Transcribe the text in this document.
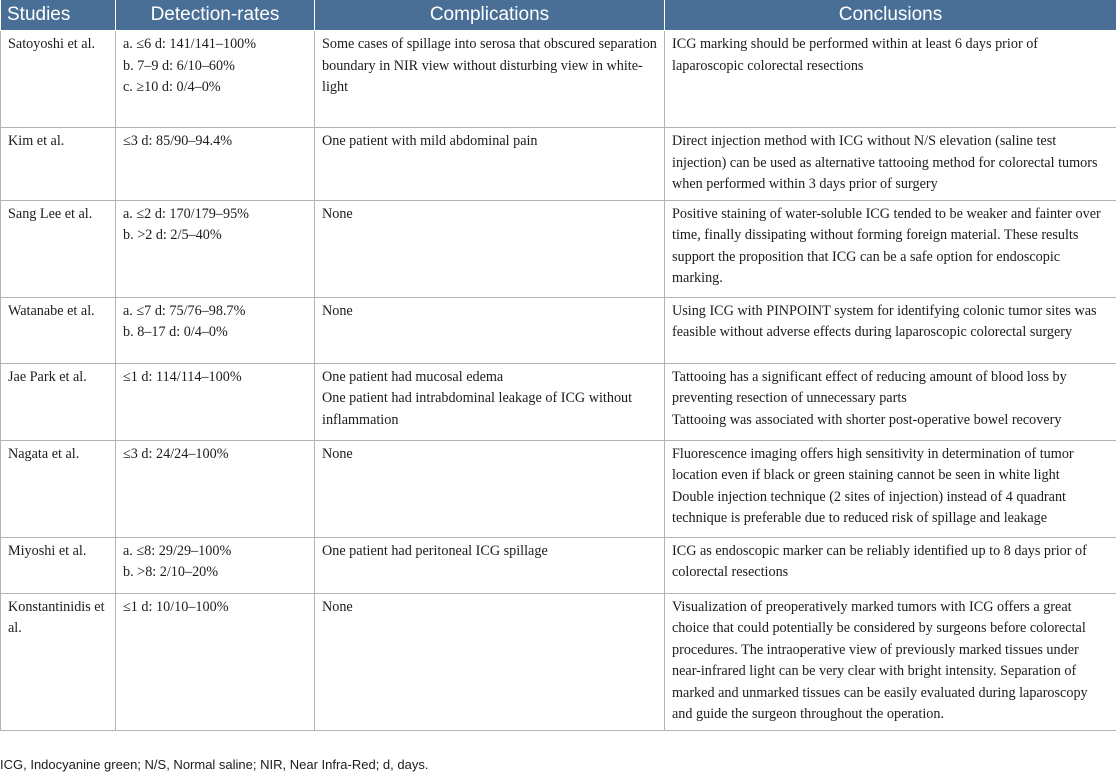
Studies	Detection-rates	Complications	Conclusions
Satoyoshi et al.	a. ≤6 d: 141/141–100%
b. 7–9 d: 6/10–60%
c. ≥10 d: 0/4–0%	Some cases of spillage into serosa that obscured separation boundary in NIR view without disturbing view in white-light	ICG marking should be performed within at least 6 days prior of laparoscopic colorectal resections

Kim et al.	≤3 d: 85/90–94.4%	One patient with mild abdominal pain	Direct injection method with ICG without N/S elevation (saline test injection) can be used as alternative tattooing method for colorectal tumors when performed within 3 days prior of surgery

Sang Lee et al.	a. ≤2 d: 170/179–95%
b. >2 d: 2/5–40%	None	Positive staining of water-soluble ICG tended to be weaker and fainter over time, finally dissipating without forming foreign material. These results support the proposition that ICG can be a safe option for endoscopic marking.

Watanabe et al.	a. ≤7 d: 75/76–98.7%
b. 8–17 d: 0/4–0%	None	Using ICG with PINPOINT system for identifying colonic tumor sites was feasible without adverse effects during laparoscopic colorectal surgery

Jae Park et al.	≤1 d: 114/114–100%	One patient had mucosal edema
One patient had intrabdominal leakage of ICG without inflammation	Tattooing has a significant effect of reducing amount of blood loss by preventing resection of unnecessary parts
Tattooing was associated with shorter post-operative bowel recovery

Nagata et al.	≤3 d: 24/24–100%	None	Fluorescence imaging offers high sensitivity in determination of tumor location even if black or green staining cannot be seen in white light
Double injection technique (2 sites of injection) instead of 4 quadrant technique is preferable due to reduced risk of spillage and leakage

Miyoshi et al.	a. ≤8: 29/29–100%
b. >8: 2/10–20%	One patient had peritoneal ICG spillage	ICG as endoscopic marker can be reliably identified up to 8 days prior of colorectal resections

Konstantinidis et al.	≤1 d: 10/10–100%	None	Visualization of preoperatively marked tumors with ICG offers a great choice that could potentially be considered by surgeons before colorectal procedures. The intraoperative view of previously marked tissues under near-infrared light can be very clear with bright intensity. Separation of marked and unmarked tissues can be easily evaluated during laparoscopy and guide the surgeon throughout the operation.

ICG, Indocyanine green; N/S, Normal saline; NIR, Near Infra-Red; d, days.
